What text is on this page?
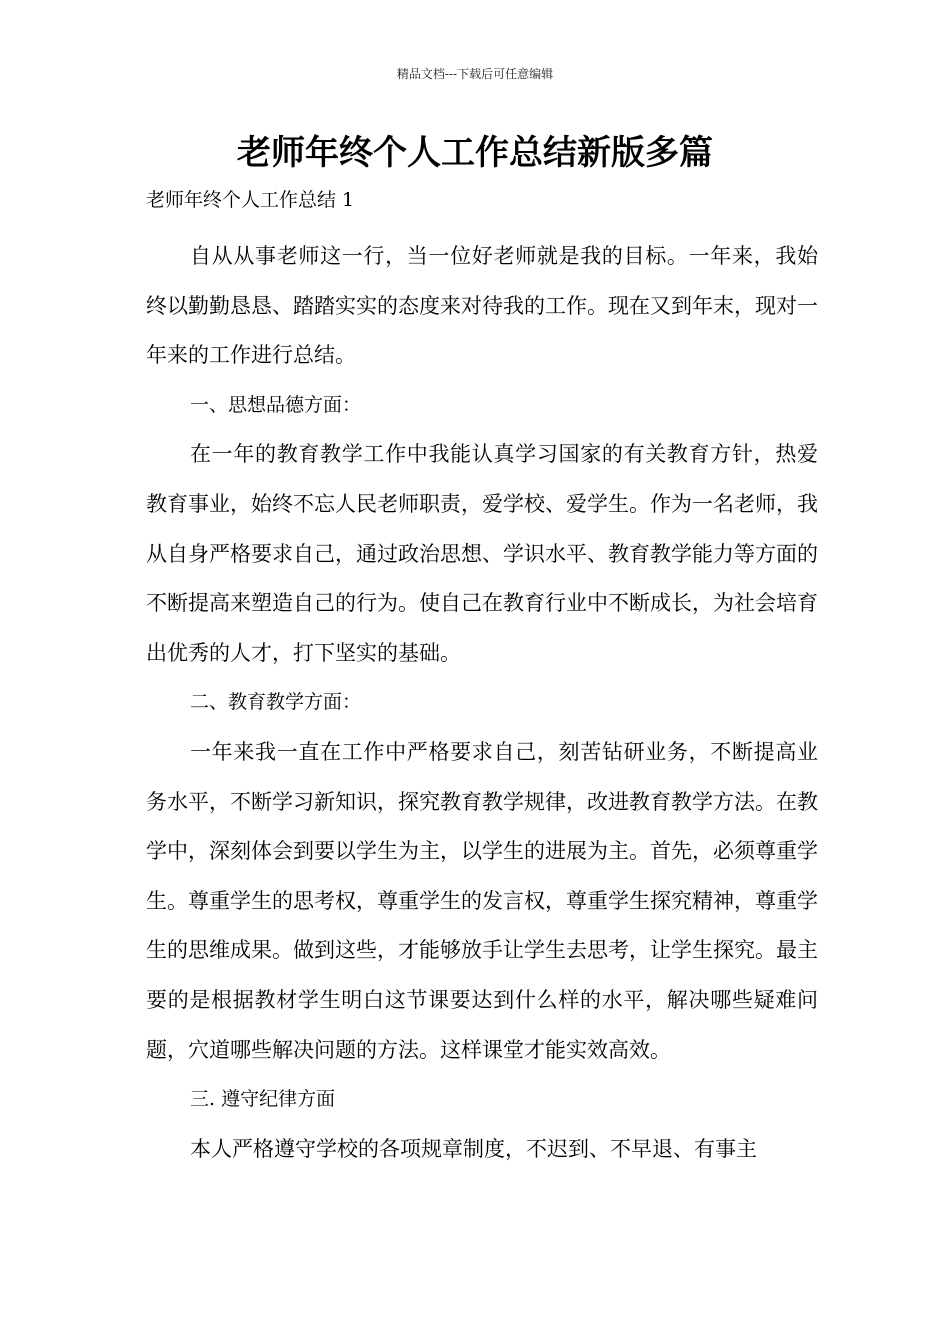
精品文档---下载后可任意编辑
老师年终个人工作总结新版多篇

老师年终个人工作总结 1

自从从事老师这一行，当一位好老师就是我的目标。一年来，我始终以勤勤恳恳、踏踏实实的态度来对待我的工作。现在又到年末，现对一年来的工作进行总结。

一、思想品德方面：

在一年的教育教学工作中我能认真学习国家的有关教育方针，热爱教育事业，始终不忘人民老师职责，爱学校、爱学生。作为一名老师，我从自身严格要求自己，通过政治思想、学识水平、教育教学能力等方面的不断提高来塑造自己的行为。使自己在教育行业中不断成长，为社会培育出优秀的人才，打下坚实的基础。

二、教育教学方面：

一年来我一直在工作中严格要求自己，刻苦钻研业务，不断提高业务水平，不断学习新知识，探究教育教学规律，改进教育教学方法。在教学中，深刻体会到要以学生为主，以学生的进展为主。首先，必须尊重学生。尊重学生的思考权，尊重学生的发言权，尊重学生探究精神，尊重学生的思维成果。做到这些，才能够放手让学生去思考，让学生探究。最主要的是根据教材学生明白这节课要达到什么样的水平，解决哪些疑难问题，穴道哪些解决问题的方法。这样课堂才能实效高效。

三. 遵守纪律方面

本人严格遵守学校的各项规章制度，不迟到、不早退、有事主
